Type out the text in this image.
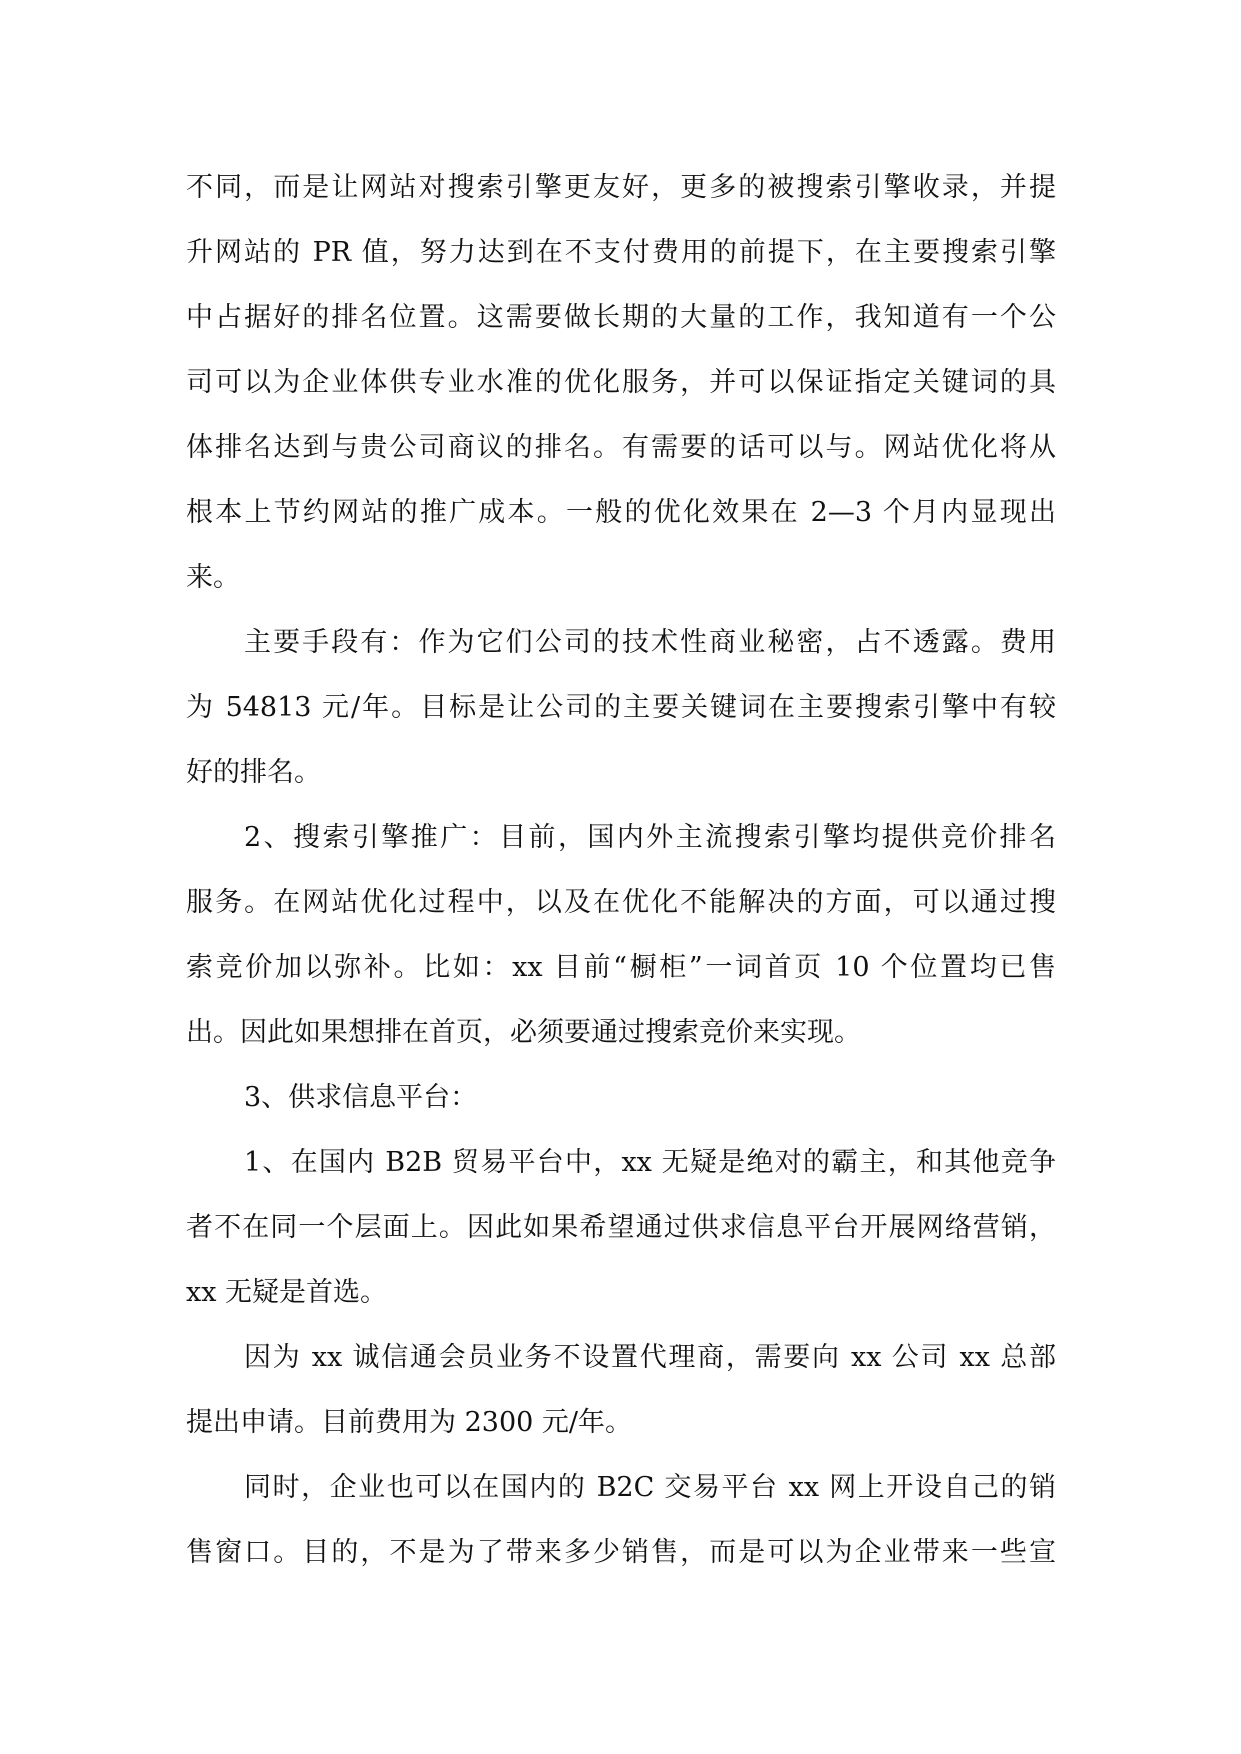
不同，而是让网站对搜索引擎更友好，更多的被搜索引擎收录，并提
升网站的 PR 值，努力达到在不支付费用的前提下，在主要搜索引擎
中占据好的排名位置。这需要做长期的大量的工作，我知道有一个公
司可以为企业体供专业水准的优化服务，并可以保证指定关键词的具
体排名达到与贵公司商议的排名。有需要的话可以与。网站优化将从
根本上节约网站的推广成本。一般的优化效果在 2—3 个月内显现出
来。
主要手段有：作为它们公司的技术性商业秘密，占不透露。费用
为 54813 元/年。目标是让公司的主要关键词在主要搜索引擎中有较
好的排名。
2、搜索引擎推广：目前，国内外主流搜索引擎均提供竞价排名
服务。在网站优化过程中，以及在优化不能解决的方面，可以通过搜
索竞价加以弥补。比如：xx 目前“橱柜”一词首页 10 个位置均已售
出。因此如果想排在首页，必须要通过搜索竞价来实现。
3、供求信息平台：
1、在国内 B2B 贸易平台中，xx 无疑是绝对的霸主，和其他竞争
者不在同一个层面上。因此如果希望通过供求信息平台开展网络营销，
xx 无疑是首选。
因为 xx 诚信通会员业务不设置代理商，需要向 xx 公司 xx 总部
提出申请。目前费用为 2300 元/年。
同时，企业也可以在国内的 B2C 交易平台 xx 网上开设自己的销
售窗口。目的，不是为了带来多少销售，而是可以为企业带来一些宣
